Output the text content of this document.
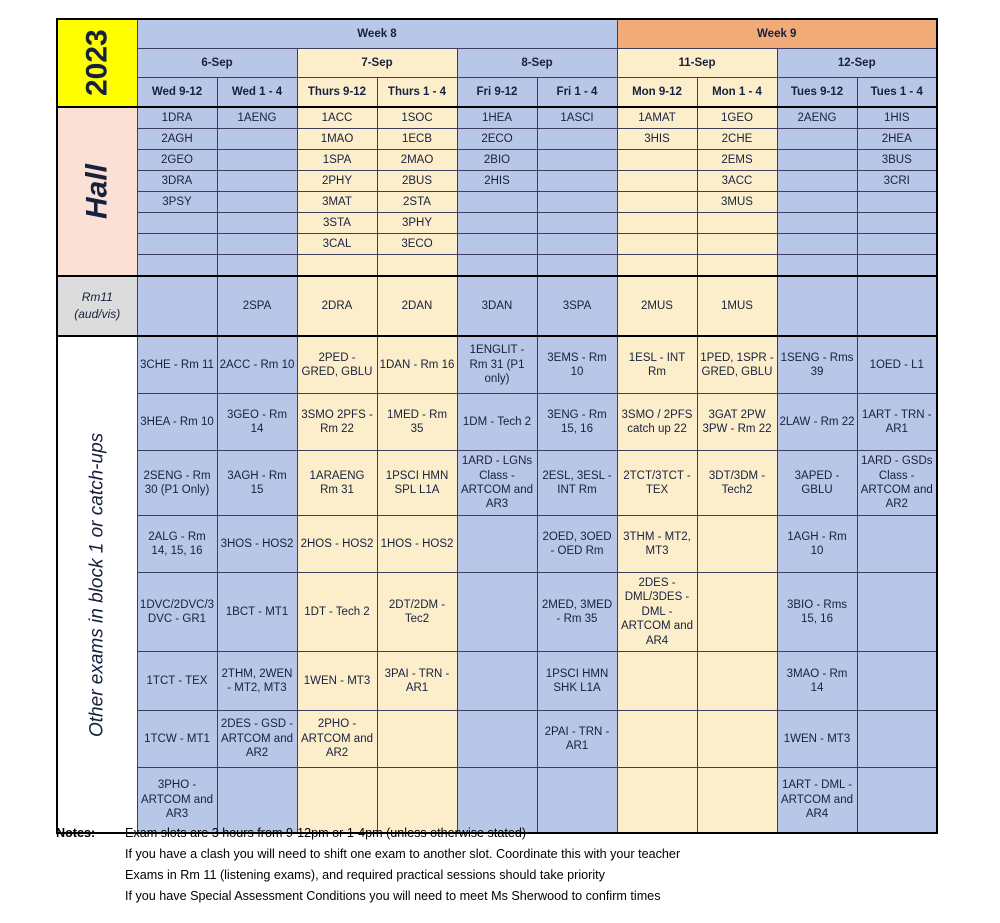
2023	Week 8						Week 9			
	6-Sep		7-Sep		8-Sep		11-Sep		12-Sep	
	Wed 9-12	Wed 1 - 4	Thurs 9-12	Thurs 1 - 4	Fri 9-12	Fri 1 - 4	Mon 9-12	Mon 1 - 4	Tues 9-12	Tues 1 - 4

Hall	1DRA	1AENG	1ACC	1SOC	1HEA	1ASCI	1AMAT	1GEO	2AENG	1HIS
	2AGH		1MAO	1ECB	2ECO		3HIS	2CHE		2HEA
	2GEO		1SPA	2MAO	2BIO			2EMS		3BUS
	3DRA		2PHY	2BUS	2HIS			3ACC		3CRI
	3PSY		3MAT	2STA				3MUS		
			3STA	3PHY						
			3CAL	3ECO						

Rm11
(aud/vis)		2SPA	2DRA	2DAN	3DAN	3SPA	2MUS	1MUS		

Other exams in block 1 or catch-ups	3CHE - Rm 11	2ACC - Rm 10	2PED - GRED, GBLU	1DAN - Rm 16	1ENGLIT - Rm 31 (P1 only)	3EMS - Rm 10	1ESL - INT Rm	1PED, 1SPR - GRED, GBLU	1SENG - Rms 39	1OED - L1
	3HEA - Rm 10	3GEO - Rm 14	3SMO 2PFS - Rm 22	1MED - Rm 35	1DM - Tech 2	3ENG - Rm 15, 16	3SMO / 2PFS catch up 22	3GAT 2PW 3PW - Rm 22	2LAW - Rm 22	1ART - TRN - AR1
	2SENG - Rm 30 (P1 Only)	3AGH - Rm 15	1ARAENG Rm 31	1PSCI HMN SPL L1A	1ARD - LGNs Class - ARTCOM and AR3	2ESL, 3ESL - INT Rm	2TCT/3TCT - TEX	3DT/3DM - Tech2	3APED - GBLU	1ARD - GSDs Class - ARTCOM and AR2
	2ALG - Rm 14, 15, 16	3HOS - HOS2	2HOS - HOS2	1HOS - HOS2		2OED, 3OED - OED Rm	3THM - MT2, MT3		1AGH - Rm 10	
	1DVC/2DVC/3DVC - GR1	1BCT - MT1	1DT - Tech 2	2DT/2DM - Tec2		2MED, 3MED - Rm 35	2DES - DML/3DES - DML - ARTCOM and AR4		3BIO - Rms 15, 16	
	1TCT - TEX	2THM, 2WEN - MT2, MT3	1WEN - MT3	3PAI - TRN - AR1		1PSCI HMN SHK L1A			3MAO - Rm 14	
	1TCW - MT1	2DES - GSD - ARTCOM and AR2	2PHO - ARTCOM and AR2			2PAI - TRN - AR1			1WEN - MT3	
	3PHO - ARTCOM and AR3								1ART - DML - ARTCOM and AR4	
Notes:	Exam slots are 3 hours from 9-12pm or 1-4pm (unless otherwise stated)
If you have a clash you will need to shift one exam to another slot. Coordinate this with your teacher
Exams in Rm 11 (listening exams), and required practical sessions should take priority
If you have Special Assessment Conditions you will need to meet Ms Sherwood to confirm times
